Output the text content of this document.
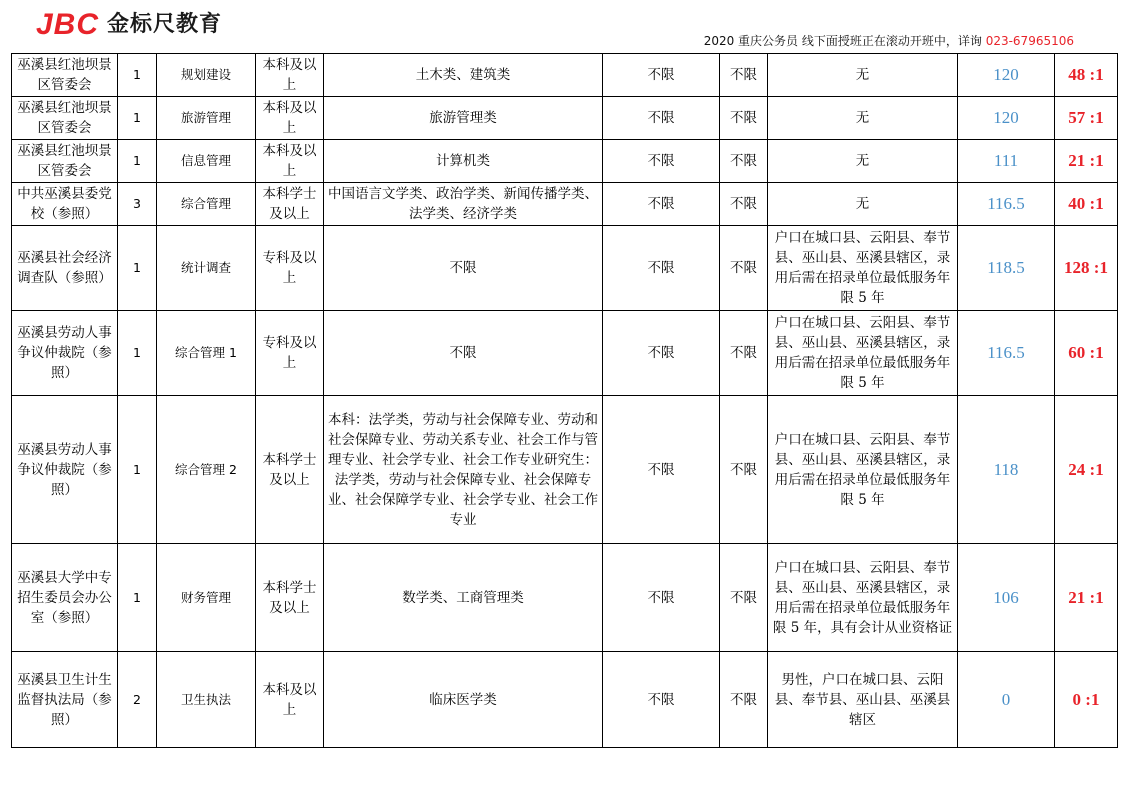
JBC 金标尺教育
2020 重庆公务员 线下面授班正在滚动开班中，详询 023-67965106
巫溪县红池坝景区管委会	1	规划建设	本科及以上	土木类、建筑类	不限	不限	无	120	48 :1
巫溪县红池坝景区管委会	1	旅游管理	本科及以上	旅游管理类	不限	不限	无	120	57 :1
巫溪县红池坝景区管委会	1	信息管理	本科及以上	计算机类	不限	不限	无	111	21 :1
中共巫溪县委党校（参照）	3	综合管理	本科学士及以上	中国语言文学类、政治学类、新闻传播学类、法学类、经济学类	不限	不限	无	116.5	40 :1
巫溪县社会经济调查队（参照）	1	统计调查	专科及以上	不限	不限	不限	户口在城口县、云阳县、奉节县、巫山县、巫溪县辖区，录用后需在招录单位最低服务年限 5 年	118.5	128 :1
巫溪县劳动人事争议仲裁院（参照）	1	综合管理 1	专科及以上	不限	不限	不限	户口在城口县、云阳县、奉节县、巫山县、巫溪县辖区，录用后需在招录单位最低服务年限 5 年	116.5	60 :1
巫溪县劳动人事争议仲裁院（参照）	1	综合管理 2	本科学士及以上	本科：法学类，劳动与社会保障专业、劳动和社会保障专业、劳动关系专业、社会工作与管理专业、社会学专业、社会工作专业研究生：法学类，劳动与社会保障专业、社会保障专业、社会保障学专业、社会学专业、社会工作专业	不限	不限	户口在城口县、云阳县、奉节县、巫山县、巫溪县辖区，录用后需在招录单位最低服务年限 5 年	118	24 :1
巫溪县大学中专招生委员会办公室（参照）	1	财务管理	本科学士及以上	数学类、工商管理类	不限	不限	户口在城口县、云阳县、奉节县、巫山县、巫溪县辖区，录用后需在招录单位最低服务年限 5 年，具有会计从业资格证	106	21 :1
巫溪县卫生计生监督执法局（参照）	2	卫生执法	本科及以上	临床医学类	不限	不限	男性，户口在城口县、云阳县、奉节县、巫山县、巫溪县辖区	0	0 :1
